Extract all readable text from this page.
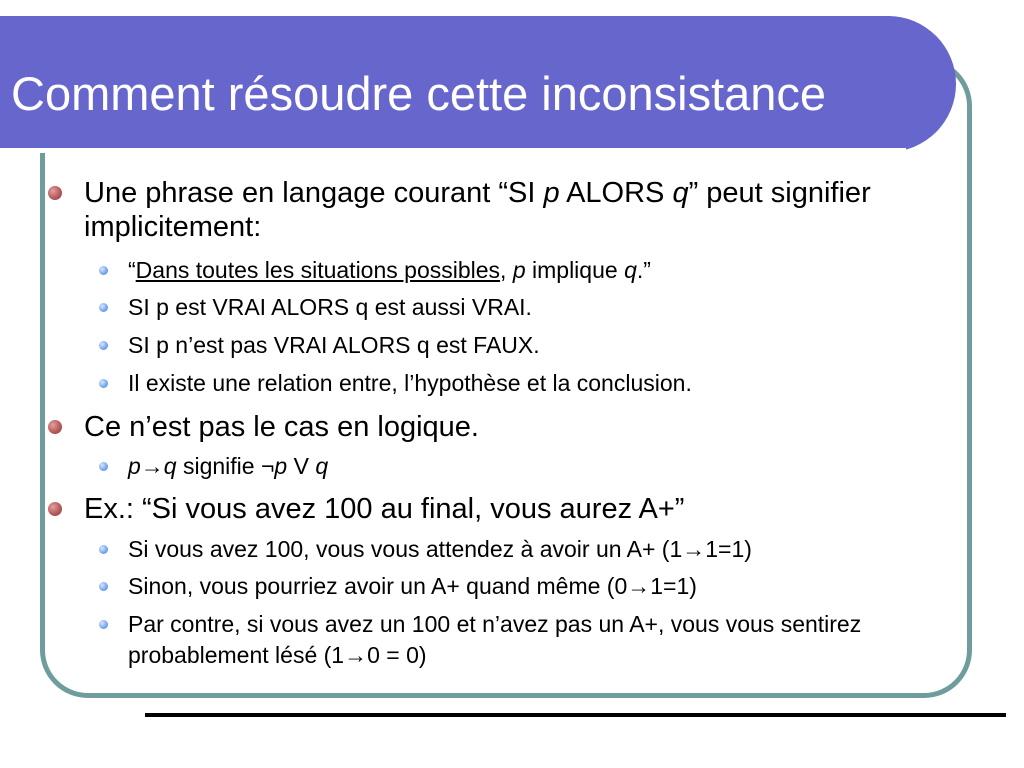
Comment résoudre cette inconsistance
Une phrase en langage courant “SI p ALORS q” peut signifier implicitement:
“Dans toutes les situations possibles, p implique q.”
SI p est VRAI ALORS q est aussi VRAI.
SI p n’est pas VRAI ALORS q est FAUX.
Il existe une relation entre, l’hypothèse et la conclusion.
Ce n’est pas le cas en logique.
p→q signifie ¬p V q
Ex.: “Si vous avez 100 au final, vous aurez A+”
Si vous avez 100, vous vous attendez à avoir un A+ (1→1=1)
Sinon, vous pourriez avoir un A+ quand même (0→1=1)
Par contre, si vous avez un 100 et n’avez pas un A+, vous vous sentirez probablement lésé (1→0 = 0)
